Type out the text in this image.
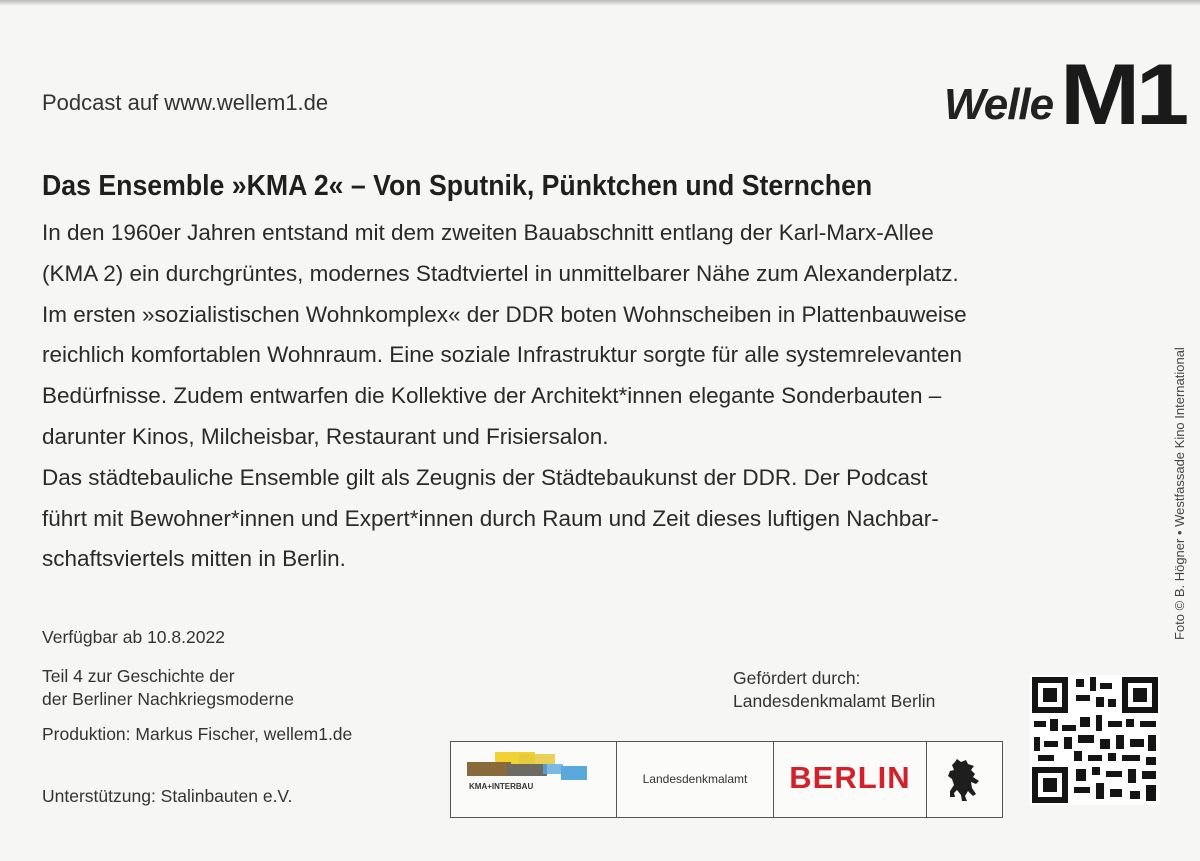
Podcast auf www.wellem1.de	Welle M1
Das Ensemble »KMA 2« – Von Sputnik, Pünktchen und Sternchen

In den 1960er Jahren entstand mit dem zweiten Bauabschnitt entlang der Karl-Marx-Allee

(KMA 2) ein durchgrüntes, modernes Stadtviertel in unmittelbarer Nähe zum Alexanderplatz.

Im ersten »sozialistischen Wohnkomplex« der DDR boten Wohnscheiben in Plattenbauweise

reichlich komfortablen Wohnraum. Eine soziale Infrastruktur sorgte für alle systemrelevanten

Bedürfnisse. Zudem entwarfen die Kollektive der Architekt*innen elegante Sonderbauten –

darunter Kinos, Milcheisbar, Restaurant und Frisiersalon.

Das städtebauliche Ensemble gilt als Zeugnis der Städtebaukunst der DDR. Der Podcast

führt mit Bewohner*innen und Expert*innen durch Raum und Zeit dieses luftigen Nachbar-

schaftsviertels mitten in Berlin.	Foto © B. Högner • Westfassade Kino International
Verfügbar ab 10.8.2022
Teil 4 zur Geschichte der
der Berliner Nachkriegsmoderne
Produktion: Markus Fischer, wellem1.de
Unterstützung: Stalinbauten e.V.
Gefördert durch:
Landesdenkmalamt Berlin
KMA+INTERBAU
Landesdenkmalamt	BERLIN
